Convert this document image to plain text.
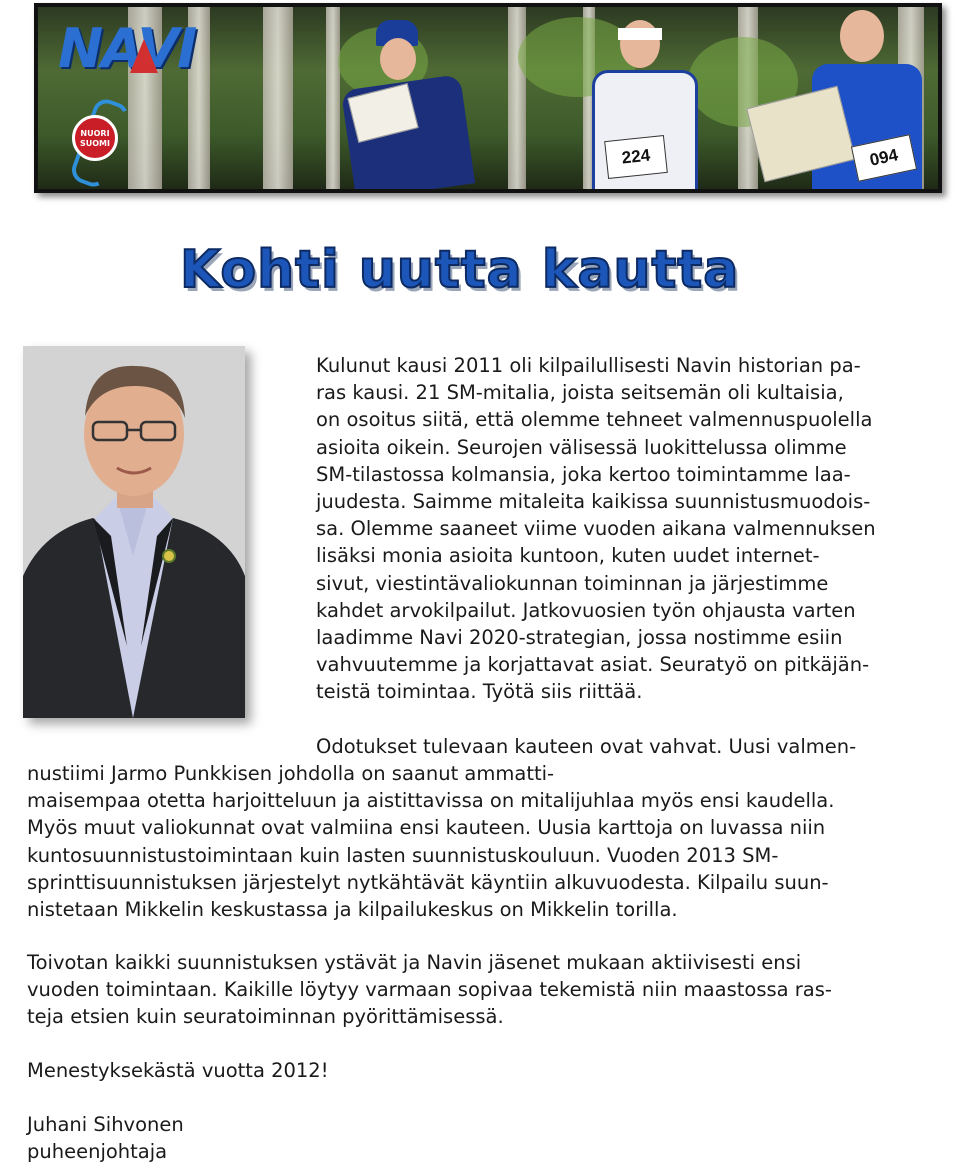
NAVI
NUORI SUOMI
224	094
Kohti uutta kautta

Kulunut kausi 2011 oli kilpailullisesti Navin historian pa-
ras kausi. 21 SM-mitalia, joista seitsemän oli kultaisia,
on osoitus siitä, että olemme tehneet valmennuspuolella
asioita oikein. Seurojen välisessä luokittelussa olimme
SM-tilastossa kolmansia, joka kertoo toimintamme laa-
juudesta. Saimme mitaleita kaikissa suunnistusmuodois-
sa. Olemme saaneet viime vuoden aikana valmennuksen
lisäksi monia asioita kuntoon, kuten uudet internet-
sivut, viestintävaliokunnan toiminnan ja järjestimme
kahdet arvokilpailut. Jatkovuosien työn ohjausta varten
laadimme Navi 2020-strategian, jossa nostimme esiin
vahvuutemme ja korjattavat asiat. Seuratyö on pitkäjän-
teistä toimintaa. Työtä siis riittää.

Odotukset tulevaan kauteen ovat vahvat. Uusi valmen-

nustiimi Jarmo Punkkisen johdolla on saanut ammatti-
maisempaa otetta harjoitteluun ja aistittavissa on mitalijuhlaa myös ensi kaudella.
Myös muut valiokunnat ovat valmiina ensi kauteen. Uusia karttoja on luvassa niin
kuntosuunnistustoimintaan kuin lasten suunnistuskouluun. Vuoden 2013 SM-
sprinttisuunnistuksen järjestelyt nytkähtävät käyntiin alkuvuodesta. Kilpailu suun-
nistetaan Mikkelin keskustassa ja kilpailukeskus on Mikkelin torilla.

Toivotan kaikki suunnistuksen ystävät ja Navin jäsenet mukaan aktiivisesti ensi
vuoden toimintaan. Kaikille löytyy varmaan sopivaa tekemistä niin maastossa ras-
teja etsien kuin seuratoiminnan pyörittämisessä.

Menestyksekästä vuotta 2012!

Juhani Sihvonen
puheenjohtaja
